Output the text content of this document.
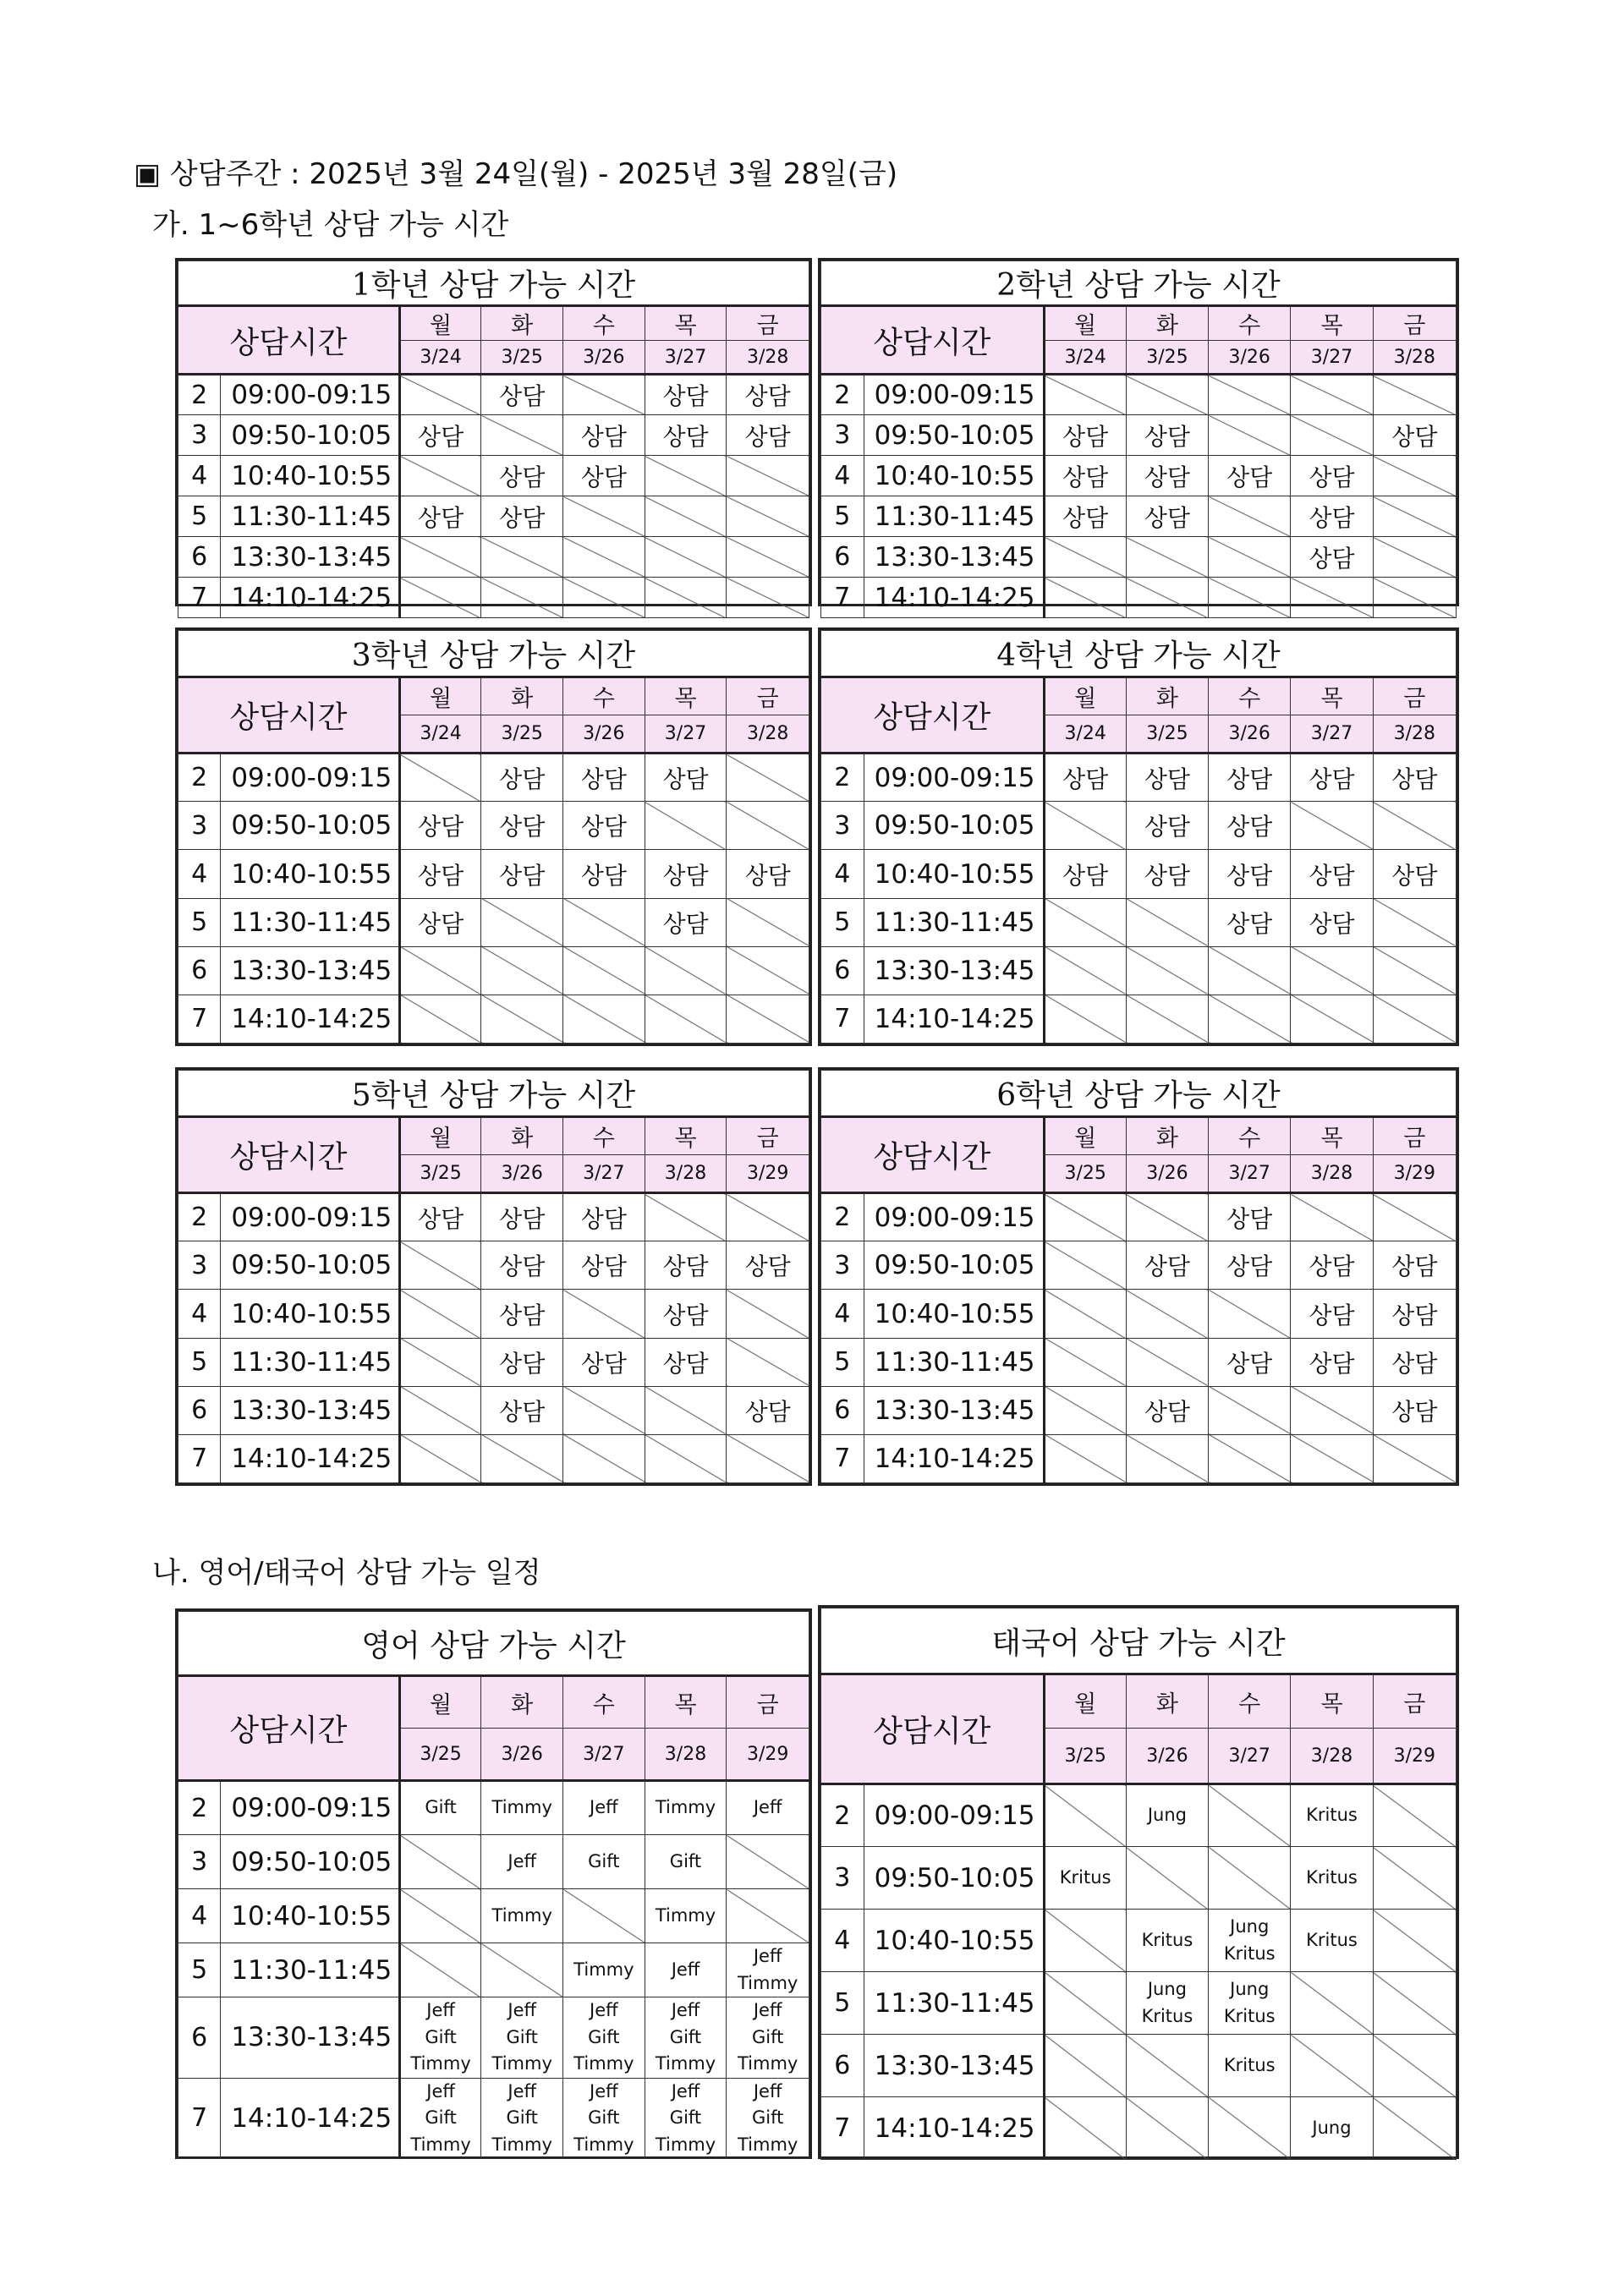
▣ 상담주간 : 2025년 3월 24일(월) - 2025년 3월 28일(금)
가. 1~6학년 상담 가능 시간
나. 영어/태국어 상담 가능 일정
1학년 상담 가능 시간						
상담시간		월	화	수	목	금
		3/24	3/25	3/26	3/27	3/28
2	09:00-09:15		상담		상담	상담
3	09:50-10:05	상담		상담	상담	상담
4	10:40-10:55		상담	상담		
5	11:30-11:45	상담	상담			
6	13:30-13:45					
7	14:10-14:25					
2학년 상담 가능 시간						
상담시간		월	화	수	목	금
		3/24	3/25	3/26	3/27	3/28
2	09:00-09:15					
3	09:50-10:05	상담	상담			상담
4	10:40-10:55	상담	상담	상담	상담	
5	11:30-11:45	상담	상담		상담	
6	13:30-13:45				상담	
7	14:10-14:25					
3학년 상담 가능 시간						
상담시간		월	화	수	목	금
		3/24	3/25	3/26	3/27	3/28
2	09:00-09:15		상담	상담	상담	
3	09:50-10:05	상담	상담	상담		
4	10:40-10:55	상담	상담	상담	상담	상담
5	11:30-11:45	상담			상담	
6	13:30-13:45					
7	14:10-14:25					
4학년 상담 가능 시간						
상담시간		월	화	수	목	금
		3/24	3/25	3/26	3/27	3/28
2	09:00-09:15	상담	상담	상담	상담	상담
3	09:50-10:05		상담	상담		
4	10:40-10:55	상담	상담	상담	상담	상담
5	11:30-11:45			상담	상담	
6	13:30-13:45					
7	14:10-14:25					
5학년 상담 가능 시간						
상담시간		월	화	수	목	금
		3/25	3/26	3/27	3/28	3/29
2	09:00-09:15	상담	상담	상담		
3	09:50-10:05		상담	상담	상담	상담
4	10:40-10:55		상담		상담	
5	11:30-11:45		상담	상담	상담	
6	13:30-13:45		상담			상담
7	14:10-14:25					
6학년 상담 가능 시간						
상담시간		월	화	수	목	금
		3/25	3/26	3/27	3/28	3/29
2	09:00-09:15			상담		
3	09:50-10:05		상담	상담	상담	상담
4	10:40-10:55				상담	상담
5	11:30-11:45			상담	상담	상담
6	13:30-13:45		상담			상담
7	14:10-14:25					
영어 상담 가능 시간						
상담시간		월	화	수	목	금
		3/25	3/26	3/27	3/28	3/29
2	09:00-09:15	Gift	Timmy	Jeff	Timmy	Jeff

3	09:50-10:05		Jeff	Gift	Gift	

4	10:40-10:55		Timmy		Timmy	

5	11:30-11:45			Timmy	Jeff	Jeff
Timmy

6	13:30-13:45	Jeff
Gift
Timmy	Jeff
Gift
Timmy	Jeff
Gift
Timmy	Jeff
Gift
Timmy	Jeff
Gift
Timmy

7	14:10-14:25	Jeff
Gift
Timmy	Jeff
Gift
Timmy	Jeff
Gift
Timmy	Jeff
Gift
Timmy	Jeff
Gift
Timmy
태국어 상담 가능 시간						
상담시간		월	화	수	목	금
		3/25	3/26	3/27	3/28	3/29
2	09:00-09:15		Jung		Kritus	

3	09:50-10:05	Kritus			Kritus	

4	10:40-10:55		Kritus	Jung
Kritus	Kritus	

5	11:30-11:45		Jung
Kritus	Jung
Kritus		

6	13:30-13:45			Kritus		

7	14:10-14:25				Jung	
